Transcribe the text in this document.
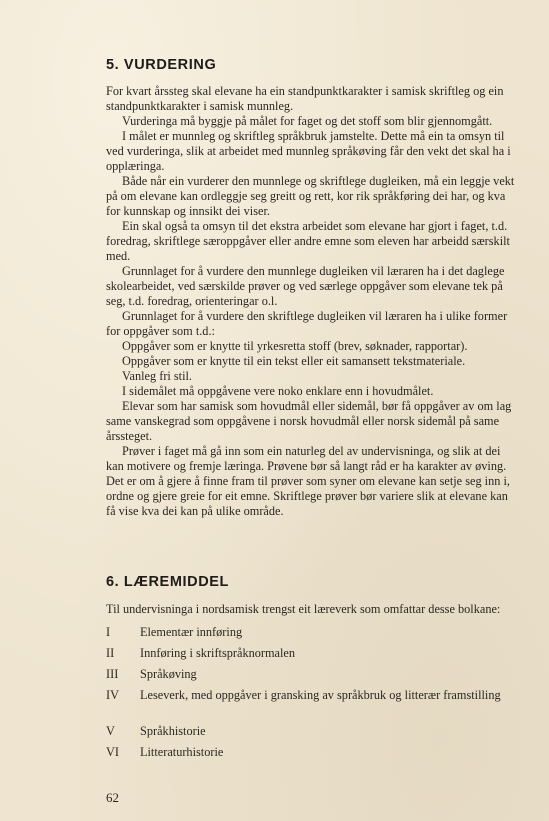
5. VURDERING

For kvart årssteg skal elevane ha ein standpunktkarakter i samisk skriftleg og ein standpunktkarakter i samisk munnleg.

Vurderinga må byggje på målet for faget og det stoff som blir gjennomgått.

I målet er munnleg og skriftleg språkbruk jamstelte. Dette må ein ta omsyn til ved vurderinga, slik at arbeidet med munnleg språkøving får den vekt det skal ha i opplæringa.

Både når ein vurderer den munnlege og skriftlege dugleiken, må ein leggje vekt på om elevane kan ordleggje seg greitt og rett, kor rik språkføring dei har, og kva for kunnskap og innsikt dei viser.

Ein skal også ta omsyn til det ekstra arbeidet som elevane har gjort i faget, t.d. foredrag, skriftlege særoppgåver eller andre emne som eleven har arbeidd særskilt med.

Grunnlaget for å vurdere den munnlege dugleiken vil læraren ha i det daglege skolearbeidet, ved særskilde prøver og ved særlege oppgåver som elevane tek på seg, t.d. foredrag, orienteringar o.l.

Grunnlaget for å vurdere den skriftlege dugleiken vil læraren ha i ulike former for oppgåver som t.d.:

Oppgåver som er knytte til yrkesretta stoff (brev, søknader, rapportar).

Oppgåver som er knytte til ein tekst eller eit samansett tekstmateriale.

Vanleg fri stil.

I sidemålet må oppgåvene vere noko enklare enn i hovudmålet.

Elevar som har samisk som hovudmål eller sidemål, bør få oppgåver av om lag same vanskegrad som oppgåvene i norsk hovudmål eller norsk sidemål på same årssteget.

Prøver i faget må gå inn som ein naturleg del av undervisninga, og slik at dei kan motivere og fremje læringa. Prøvene bør så langt råd er ha karakter av øving. Det er om å gjere å finne fram til prøver som syner om elevane kan setje seg inn i, ordne og gjere greie for eit emne. Skriftlege prøver bør variere slik at elevane kan få vise kva dei kan på ulike område.

6. LÆREMIDDEL

Til undervisninga i nordsamisk trengst eit læreverk som omfattar desse bolkane:

I Elementær innføring
II Innføring i skriftspråknormalen
III Språkøving
IV Leseverk, med oppgåver i gransking av språkbruk og litterær framstilling
V Språkhistorie
VI Litteraturhistorie
62
